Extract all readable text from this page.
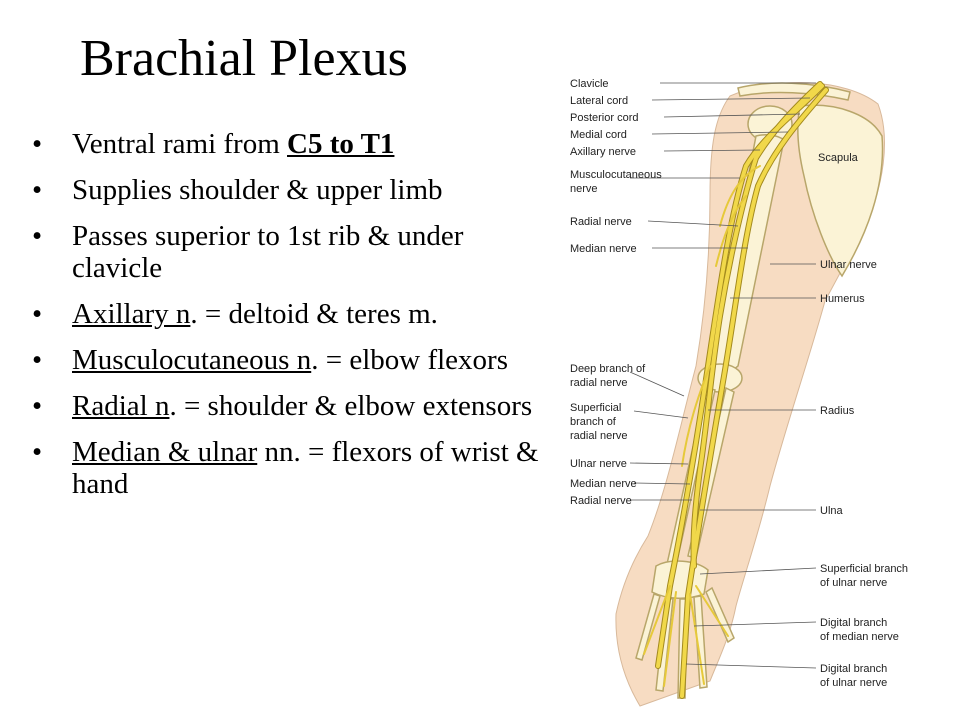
Brachial Plexus
• Ventral rami from C5 to T1
• Supplies shoulder & upper limb
• Passes superior to 1st rib & under clavicle
• Axillary n. = deltoid & teres m.
• Musculocutaneous n. = elbow flexors
• Radial n. = shoulder & elbow extensors
• Median & ulnar nn. = flexors of wrist & hand
Clavicle
Lateral cord
Posterior cord
Medial cord
Axillary nerve
Musculocutaneous
nerve
Radial nerve
Median nerve
Deep branch of
radial nerve
Superficial
branch of
radial nerve
Ulnar nerve
Median nerve
Radial nerve
Scapula
Ulnar nerve
Humerus
Radius
Ulna
Superficial branch
of ulnar nerve
Digital branch
of median nerve
Digital branch
of ulnar nerve
